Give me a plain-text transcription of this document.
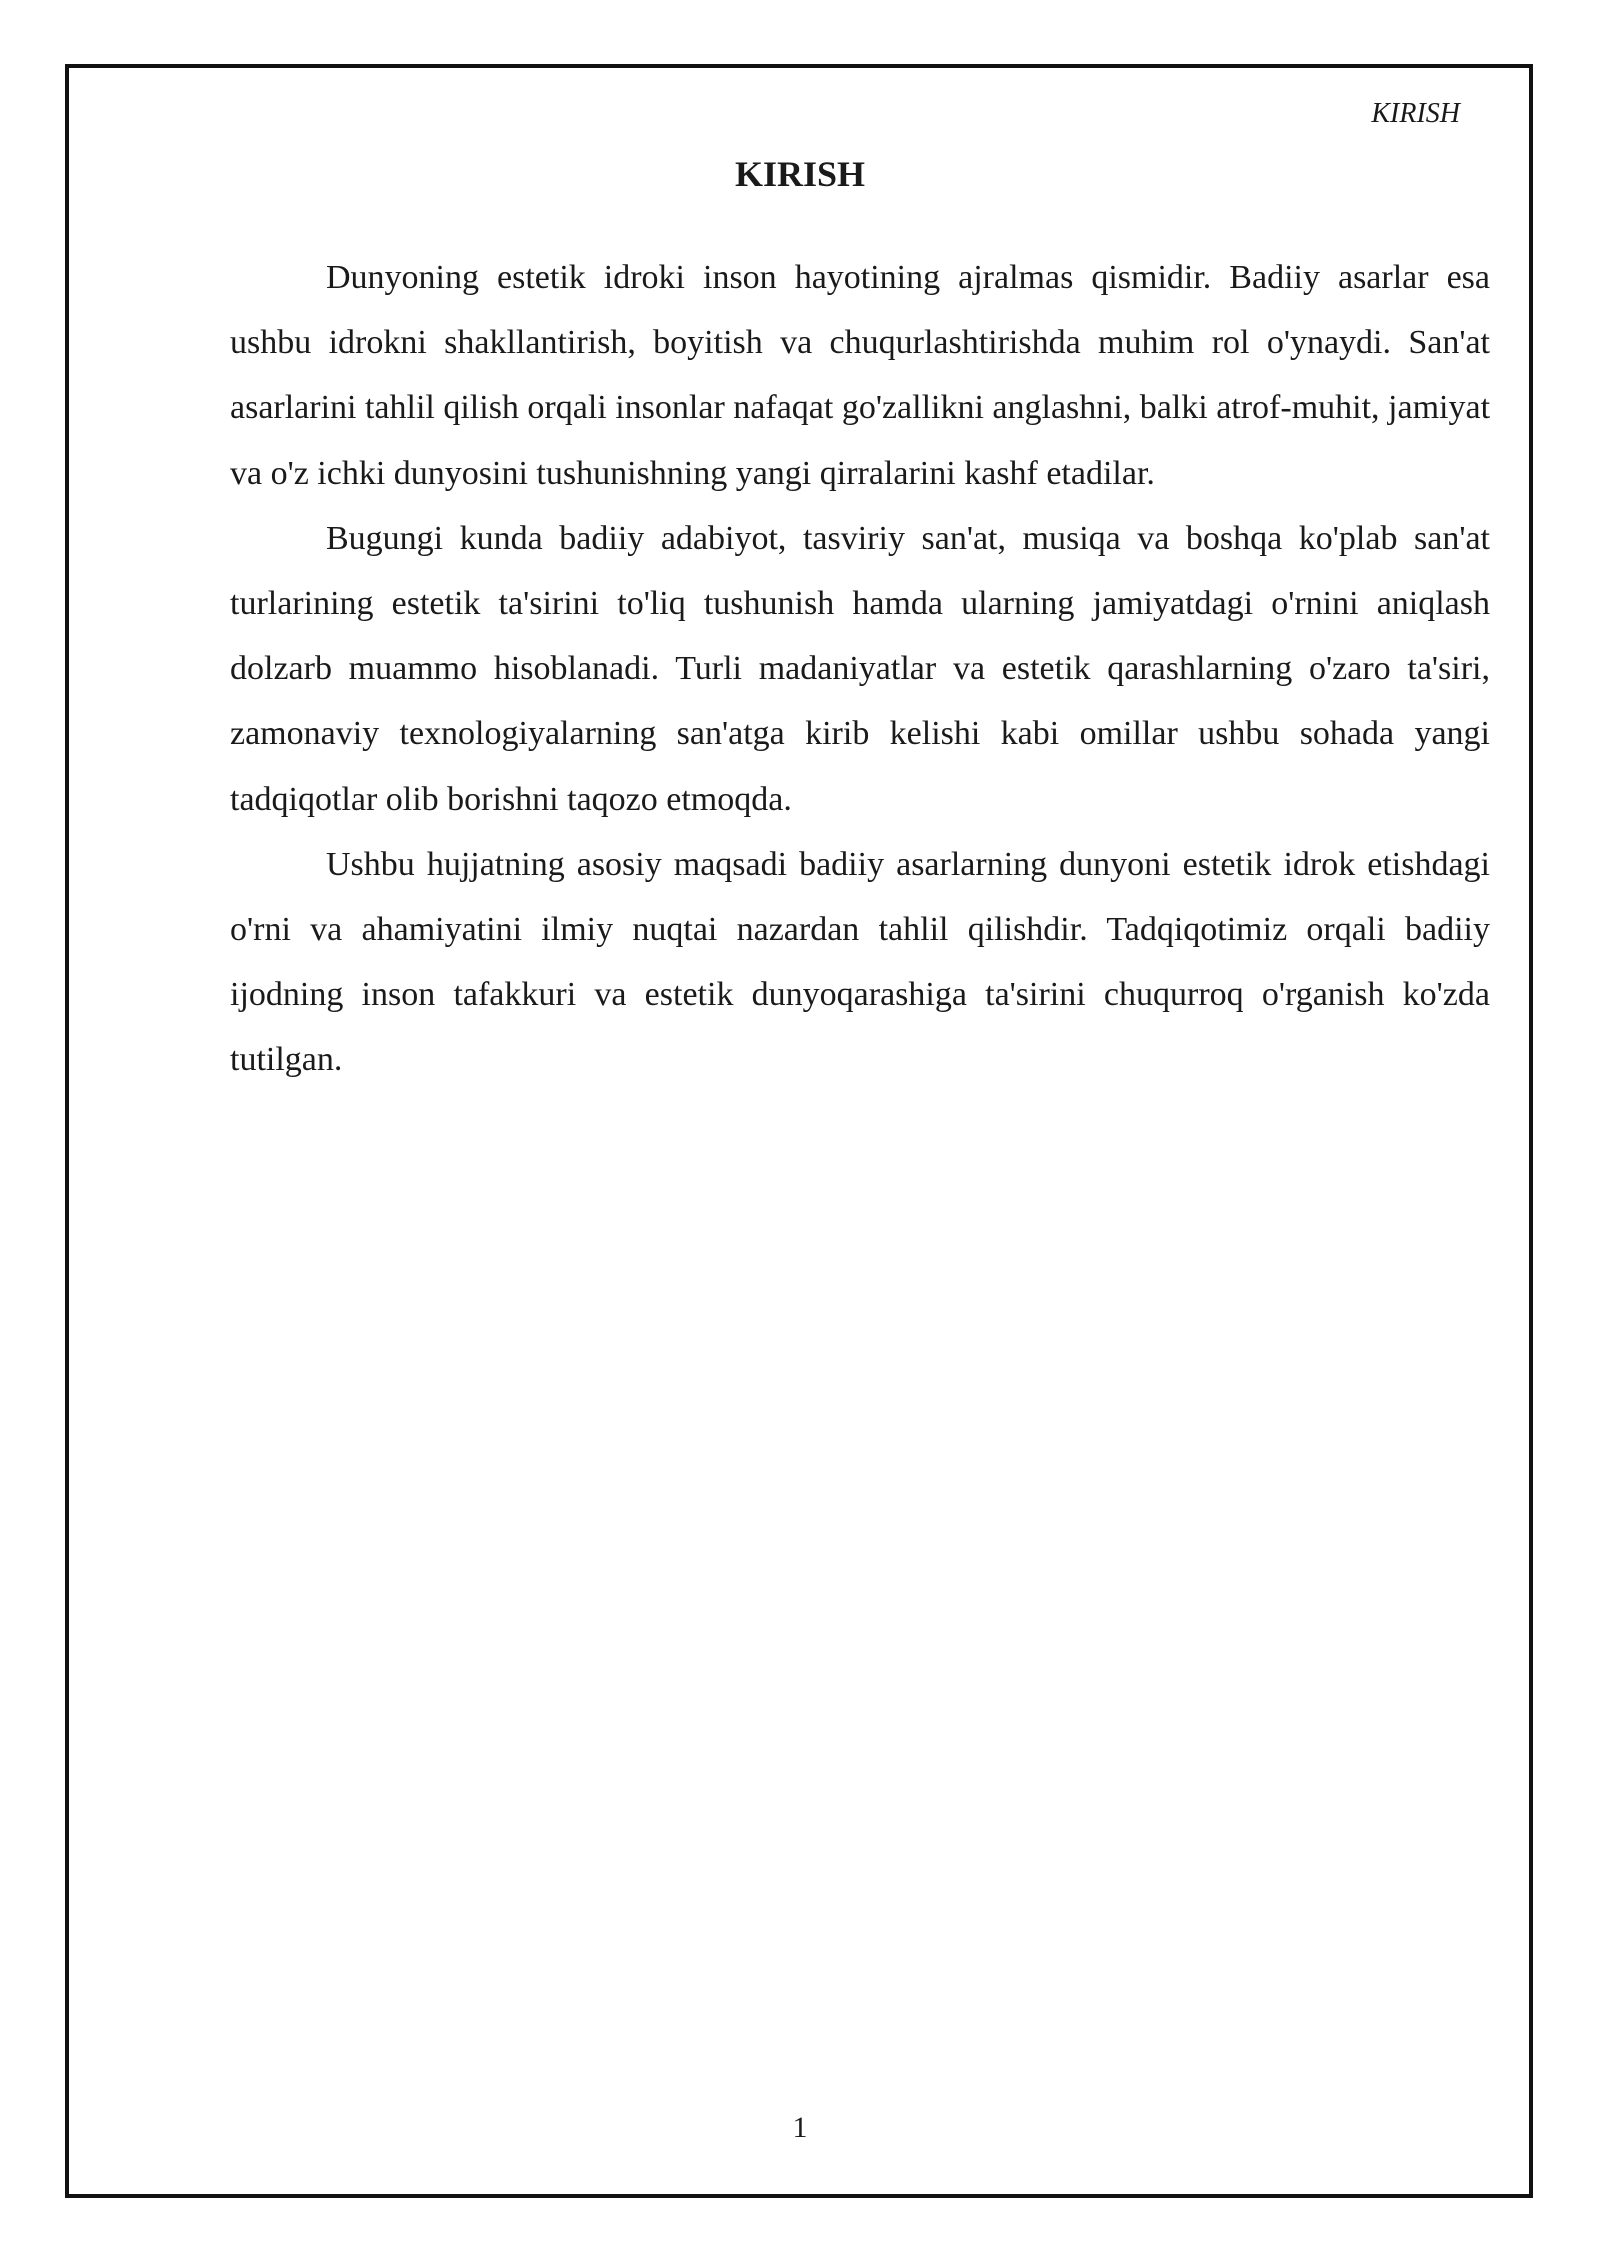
KIRISH
KIRISH

Dunyoning estetik idroki inson hayotining ajralmas qismidir. Badiiy asarlar esa ushbu idrokni shakllantirish, boyitish va chuqurlashtirishda muhim rol o'ynaydi. San'at asarlarini tahlil qilish orqali insonlar nafaqat go'zallikni anglashni, balki atrof-muhit, jamiyat va o'z ichki dunyosini tushunishning yangi qirralarini kashf etadilar.

Bugungi kunda badiiy adabiyot, tasviriy san'at, musiqa va boshqa ko'plab san'at turlarining estetik ta'sirini to'liq tushunish hamda ularning jamiyatdagi o'rnini aniqlash dolzarb muammo hisoblanadi. Turli madaniyatlar va estetik qarashlarning o'zaro ta'siri, zamonaviy texnologiyalarning san'atga kirib kelishi kabi omillar ushbu sohada yangi tadqiqotlar olib borishni taqozo etmoqda.

Ushbu hujjatning asosiy maqsadi badiiy asarlarning dunyoni estetik idrok etishdagi o'rni va ahamiyatini ilmiy nuqtai nazardan tahlil qilishdir. Tadqiqotimiz orqali badiiy ijodning inson tafakkuri va estetik dunyoqarashiga ta'sirini chuqurroq o'rganish ko'zda tutilgan.

1
